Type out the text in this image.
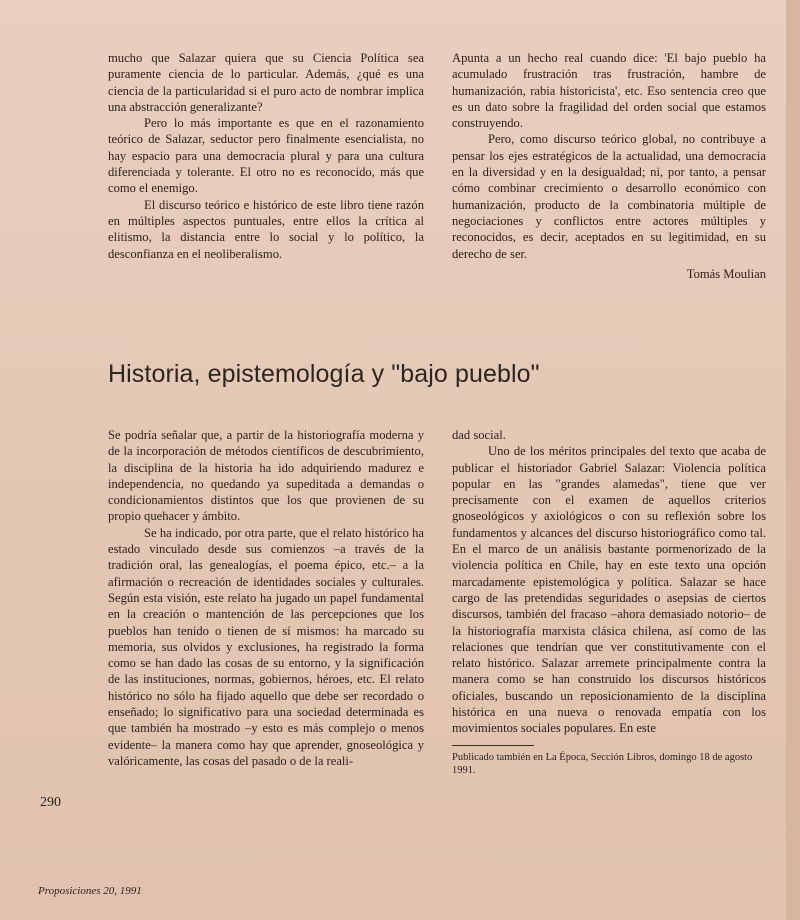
mucho que Salazar quiera que su Ciencia Política sea puramente ciencia de lo particular. Además, ¿qué es una ciencia de la particularidad si el puro acto de nombrar implica una abstracción generalizante?

Pero lo más importante es que en el razonamiento teórico de Salazar, seductor pero finalmente esencialista, no hay espacio para una democracia plural y para una cultura diferenciada y tolerante. El otro no es reconocido, más que como el enemigo.

El discurso teórico e histórico de este libro tiene razón en múltiples aspectos puntuales, entre ellos la crítica al elitismo, la distancia entre lo social y lo político, la desconfianza en el neoliberalismo.

Apunta a un hecho real cuando dice: 'El bajo pueblo ha acumulado frustración tras frustración, hambre de humanización, rabia historicista', etc. Eso sentencia creo que es un dato sobre la fragilidad del orden social que estamos construyendo.

Pero, como discurso teórico global, no contribuye a pensar los ejes estratégicos de la actualidad, una democracia en la diversidad y en la desigualdad; ni, por tanto, a pensar cómo combinar crecimiento o desarrollo económico con humanización, producto de la combinatoria múltiple de negociaciones y conflictos entre actores múltiples y reconocidos, es decir, aceptados en su legitimidad, en su derecho de ser.

Tomás Moulian
Historia, epistemología y "bajo pueblo"

Se podría señalar que, a partir de la historiografía moderna y de la incorporación de métodos científicos de descubrimiento, la disciplina de la historia ha ido adquiriendo madurez e independencia, no quedando ya supeditada a demandas o condicionamientos distintos que los que provienen de su propio quehacer y ámbito.

Se ha indicado, por otra parte, que el relato histórico ha estado vinculado desde sus comienzos –a través de la tradición oral, las genealogías, el poema épico, etc.– a la afirmación o recreación de identidades sociales y culturales. Según esta visión, este relato ha jugado un papel fundamental en la creación o mantención de las percepciones que los pueblos han tenido o tienen de sí mismos: ha marcado su memoria, sus olvidos y exclusiones, ha registrado la forma como se han dado las cosas de su entorno, y la significación de las instituciones, normas, gobiernos, héroes, etc. El relato histórico no sólo ha fijado aquello que debe ser recordado o enseñado; lo significativo para una sociedad determinada es que también ha mostrado –y esto es más complejo o menos evidente– la manera como hay que aprender, gnoseológica y valóricamente, las cosas del pasado o de la reali-

dad social.

Uno de los méritos principales del texto que acaba de publicar el historiador Gabriel Salazar: Violencia política popular en las "grandes alamedas", tiene que ver precisamente con el examen de aquellos criterios gnoseológicos y axiológicos o con su reflexión sobre los fundamentos y alcances del discurso historiográfico como tal. En el marco de un análisis bastante pormenorizado de la violencia política en Chile, hay en este texto una opción marcadamente epistemológica y política. Salazar se hace cargo de las pretendidas seguridades o asepsias de ciertos discursos, también del fracaso –ahora demasiado notorio– de la historiografía marxista clásica chilena, así como de las relaciones que tendrían que ver constitutivamente con el relato histórico. Salazar arremete principalmente contra la manera como se han construido los discursos históricos oficiales, buscando un reposicionamiento de la disciplina histórica en una nueva o renovada empatía con los movimientos sociales populares. En este

Publicado también en La Época, Sección Libros, domingo 18 de agosto 1991.
290
Proposiciones 20, 1991
